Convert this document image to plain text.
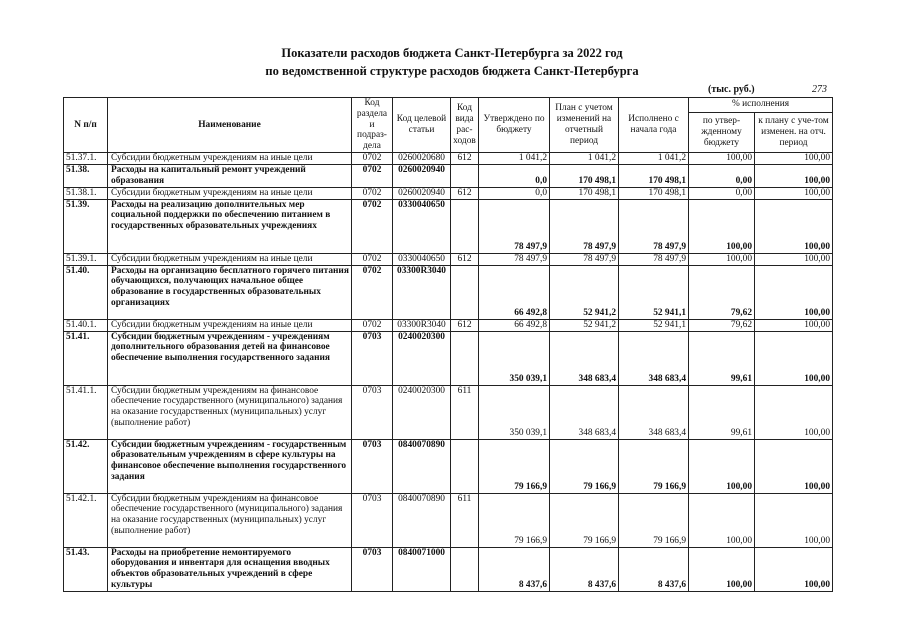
Показатели расходов бюджета Санкт-Петербурга за 2022 год
по ведомственной структуре расходов бюджета Санкт-Петербурга
(тыс. руб.)	273
N п/п	Наименование	Код раздела и подраз-дела	Код целевой статьи	Код вида рас-ходов	Утверждено по бюджету	План с учетом изменений на отчетный период	Исполнено с начала года	% исполнения	
								по утвер-жденному бюджету	к плану с уче-том изменен. на отч. период
51.37.1.	Субсидии бюджетным учреждениям на иные цели	0702	0260020680	612	1 041,2	1 041,2	1 041,2	100,00	100,00
51.38.	Расходы на капитальный ремонт учреждений образования	0702	0260020940		0,0	170 498,1	170 498,1	0,00	100,00
51.38.1.	Субсидии бюджетным учреждениям на иные цели	0702	0260020940	612	0,0	170 498,1	170 498,1	0,00	100,00
51.39.	Расходы на реализацию дополнительных мер социальной поддержки по обеспечению питанием в государственных образовательных учреждениях	0702	0330040650		78 497,9	78 497,9	78 497,9	100,00	100,00
51.39.1.	Субсидии бюджетным учреждениям на иные цели	0702	0330040650	612	78 497,9	78 497,9	78 497,9	100,00	100,00
51.40.	Расходы на организацию бесплатного горячего питания обучающихся, получающих начальное общее образование в государственных образовательных организациях	0702	03300R3040		66 492,8	52 941,2	52 941,1	79,62	100,00
51.40.1.	Субсидии бюджетным учреждениям на иные цели	0702	03300R3040	612	66 492,8	52 941,2	52 941,1	79,62	100,00
51.41.	Субсидии бюджетным учреждениям - учреждениям дополнительного образования детей на финансовое обеспечение выполнения государственного задания	0703	0240020300		350 039,1	348 683,4	348 683,4	99,61	100,00
51.41.1.	Субсидии бюджетным учреждениям на финансовое обеспечение государственного (муниципального) задания на оказание государственных (муниципальных) услуг (выполнение работ)	0703	0240020300	611	350 039,1	348 683,4	348 683,4	99,61	100,00
51.42.	Субсидии бюджетным учреждениям - государственным образовательным учреждениям в сфере культуры на финансовое обеспечение выполнения государственного задания	0703	0840070890		79 166,9	79 166,9	79 166,9	100,00	100,00
51.42.1.	Субсидии бюджетным учреждениям на финансовое обеспечение государственного (муниципального) задания на оказание государственных (муниципальных) услуг (выполнение работ)	0703	0840070890	611	79 166,9	79 166,9	79 166,9	100,00	100,00
51.43.	Расходы на приобретение немонтируемого оборудования и инвентаря для оснащения вводных объектов образовательных учреждений в сфере культуры	0703	0840071000		8 437,6	8 437,6	8 437,6	100,00	100,00
